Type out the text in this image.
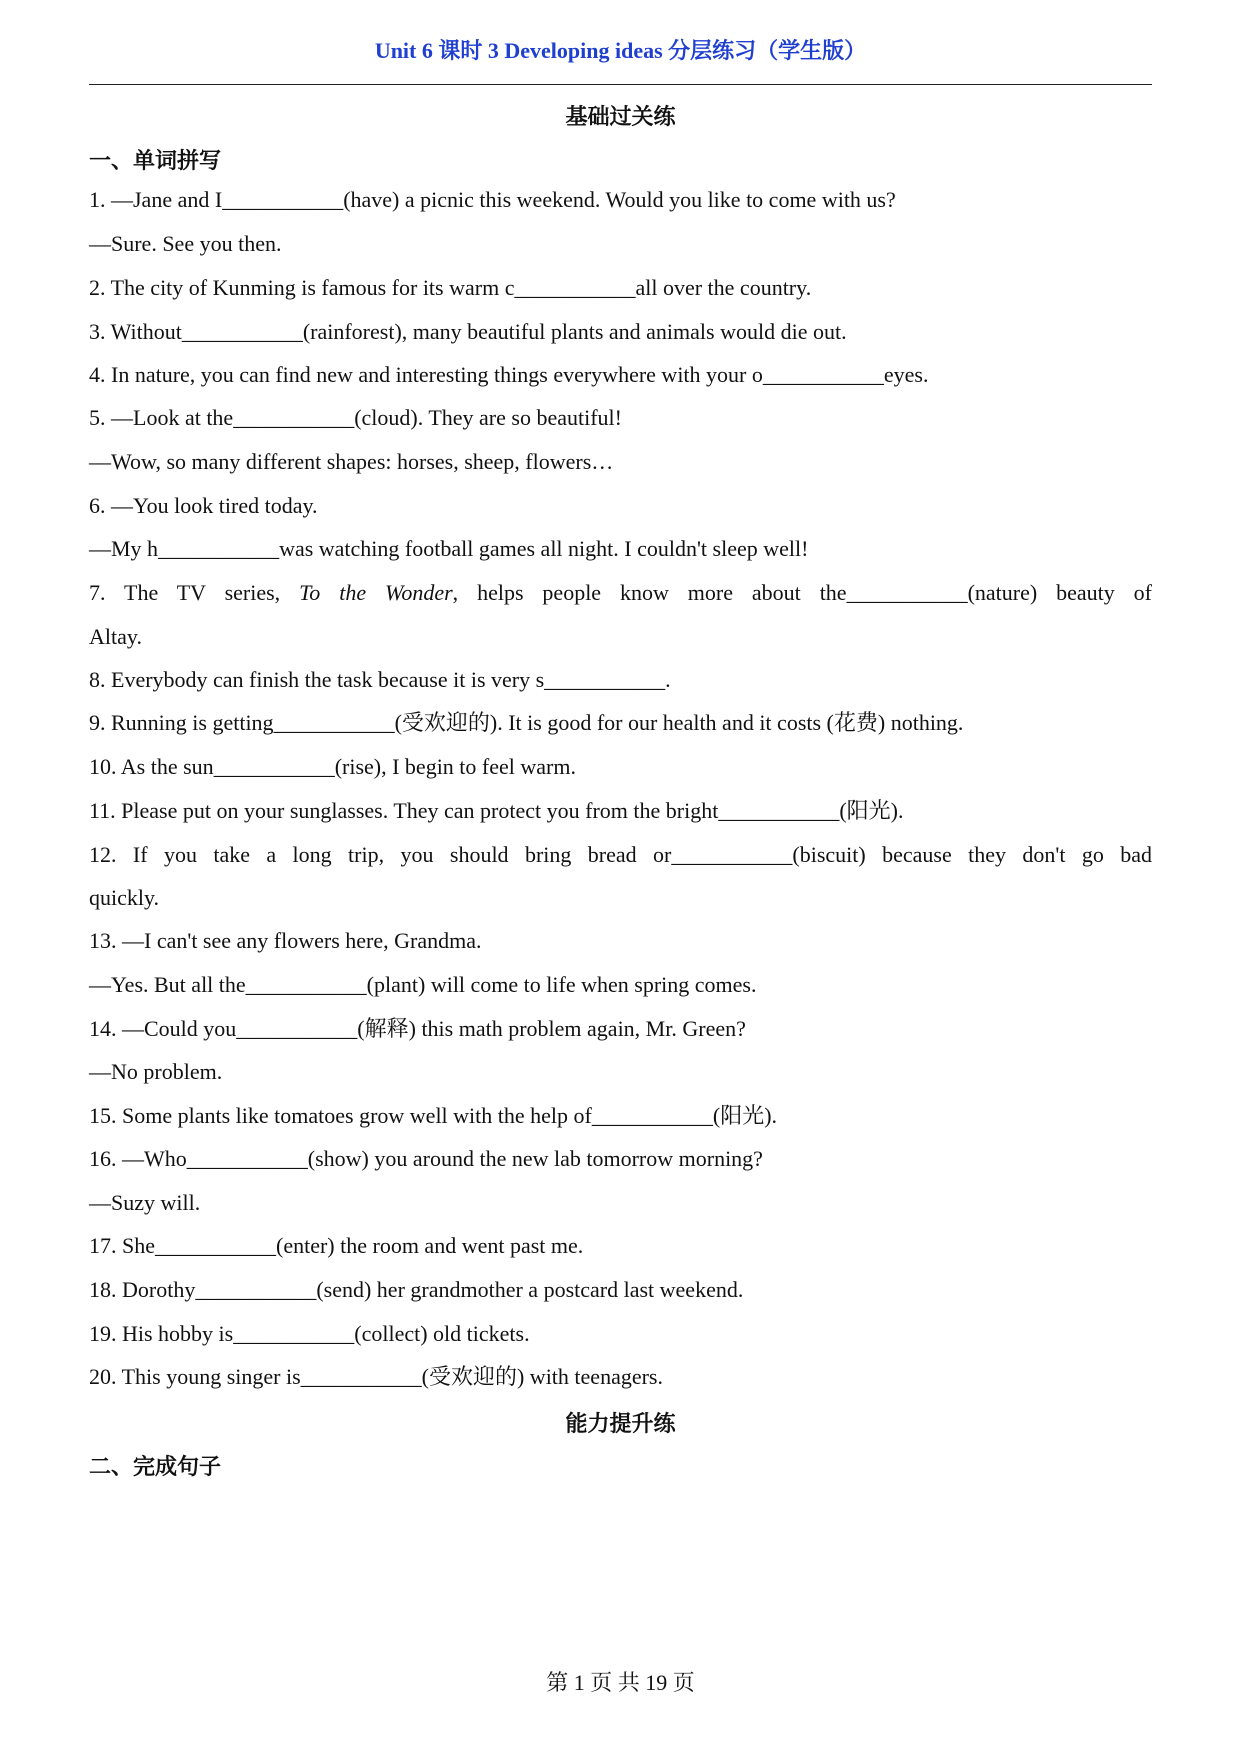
Unit 6 课时 3 Developing ideas 分层练习（学生版）
基础过关练
一、单词拼写
1. —Jane and I___________(have) a picnic this weekend. Would you like to come with us?
—Sure. See you then.
2. The city of Kunming is famous for its warm c___________all over the country.
3. Without___________(rainforest), many beautiful plants and animals would die out.
4. In nature, you can find new and interesting things everywhere with your o___________eyes.
5. —Look at the___________(cloud). They are so beautiful!
—Wow, so many different shapes: horses, sheep, flowers…
6. —You look tired today.
—My h___________was watching football games all night. I couldn't sleep well!
7. The TV series, To the Wonder, helps people know more about the___________(nature) beauty of
Altay.
8. Everybody can finish the task because it is very s___________.
9. Running is getting___________(受欢迎的). It is good for our health and it costs (花费) nothing.
10. As the sun___________(rise), I begin to feel warm.
11. Please put on your sunglasses. They can protect you from the bright___________(阳光).
12. If you take a long trip, you should bring bread or___________(biscuit) because they don't go bad
quickly.
13. —I can't see any flowers here, Grandma.
—Yes. But all the___________(plant) will come to life when spring comes.
14. —Could you___________(解释) this math problem again, Mr. Green?
—No problem.
15. Some plants like tomatoes grow well with the help of___________(阳光).
16. —Who___________(show) you around the new lab tomorrow morning?
—Suzy will.
17. She___________(enter) the room and went past me.
18. Dorothy___________(send) her grandmother a postcard last weekend.
19. His hobby is___________(collect) old tickets.
20. This young singer is___________(受欢迎的) with teenagers.
能力提升练
二、完成句子
第 1 页 共 19 页
